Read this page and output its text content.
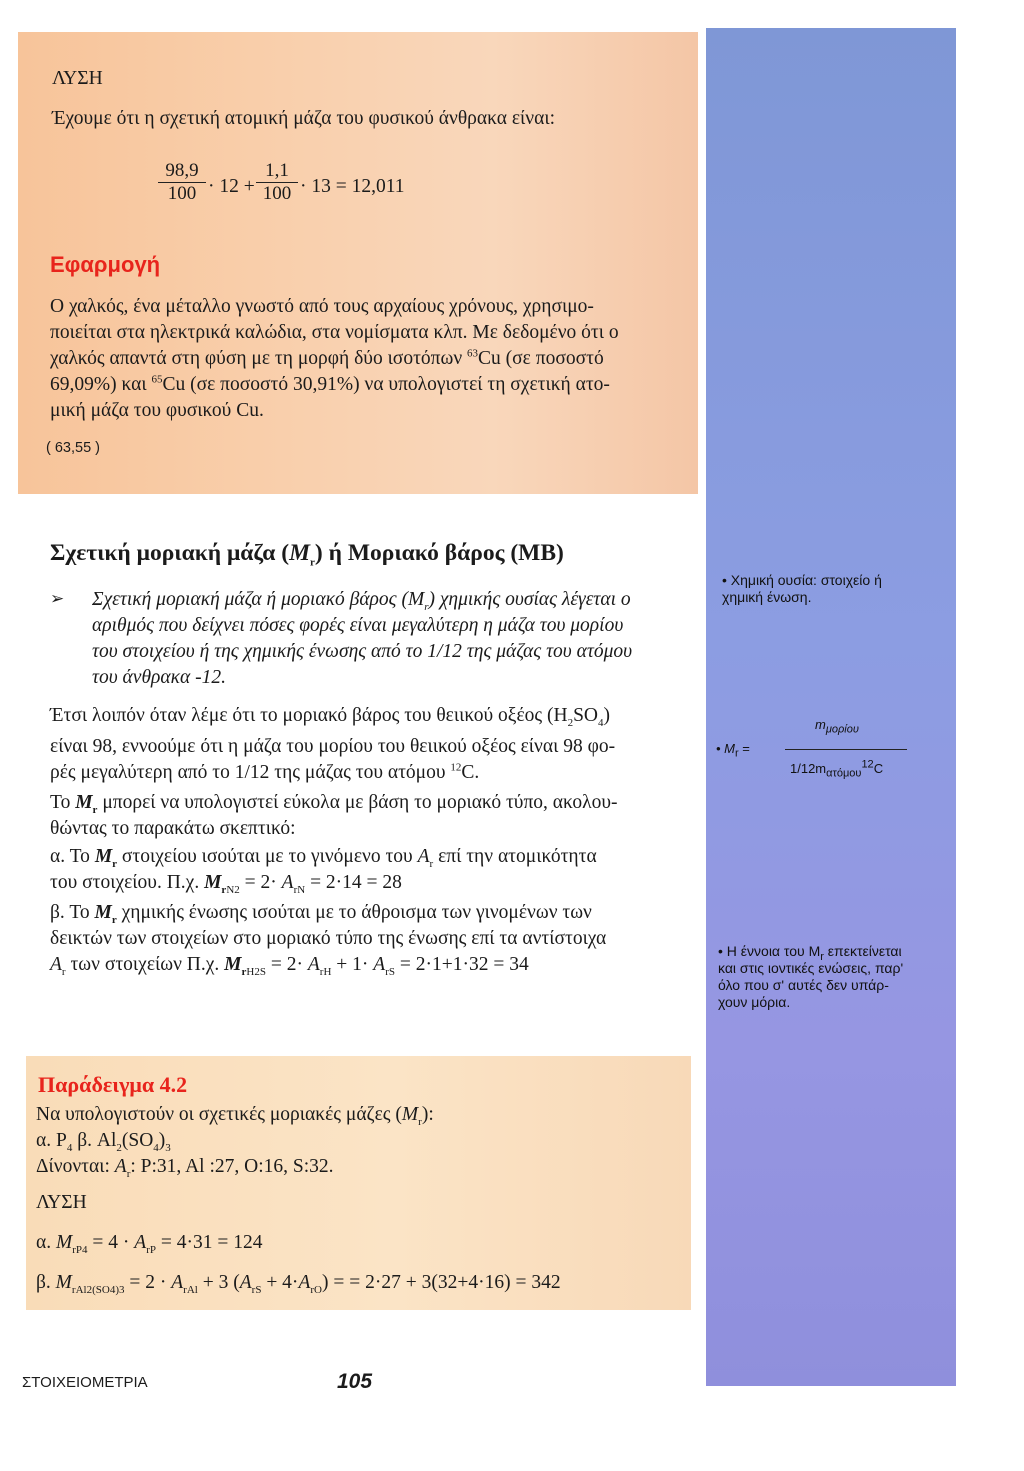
ΛΥΣΗ
Έχουμε ότι η σχετική ατομική μάζα του φυσικού άνθρακα είναι:
$\frac{98,9}{100} \cdot 12 + \frac{1,1}{100} \cdot 13 = 12,011$
Εφαρμογή
Ο χαλκός, ένα μέταλλο γνωστό από τους αρχαίους χρόνους, χρησιμο-
ποιείται στα ηλεκτρικά καλώδια, στα νομίσματα κλπ. Με δεδομένο ότι ο
χαλκός απαντά στη φύση με τη μορφή δύο ισοτόπων $^{63}$Cu (σε ποσοστό
69,09%) και $^{65}$Cu (σε ποσοστό 30,91%) να υπολογιστεί τη σχετική ατο-
μική μάζα του φυσικού Cu.
( 63,55 )
Σχετική μοριακή μάζα $(M_r)$ ή Μοριακό βάρος (ΜΒ)
➢ Σχετική μοριακή μάζα ή μοριακό βάρος $(M_r)$ χημικής ουσίας λέγεται ο
αριθμός που δείχνει πόσες φορές είναι μεγαλύτερη η μάζα του μορίου
του στοιχείου ή της χημικής ένωσης από το 1/12 της μάζας του ατόμου
του άνθρακα -12.
Έτσι λοιπόν όταν λέμε ότι το μοριακό βάρος του θειικού οξέος $(H_2SO_4)$
είναι 98, εννοούμε ότι η μάζα του μορίου του θειικού οξέος είναι 98 φο-
ρές μεγαλύτερη από το 1/12 της μάζας του ατόμου $^{12}$C.
Το $M_r$ μπορεί να υπολογιστεί εύκολα με βάση το μοριακό τύπο, ακολου-
θώντας το παρακάτω σκεπτικό:
α. Το $M_r$ στοιχείου ισούται με το γινόμενο του $A_r$ επί την ατομικότητα
του στοιχείου. Π.χ. $M_{rN2} = 2\cdot A_{rN} = 2\cdot 14 = 28$
β. Το $M_r$ χημικής ένωσης ισούται με το άθροισμα των γινομένων των
δεικτών των στοιχείων στο μοριακό τύπο της ένωσης επί τα αντίστοιχα
$A_r$ των στοιχείων Π.χ. $M_{rH2S} = 2\cdot A_{rH} + 1\cdot A_{rS} = 2\cdot 1+1\cdot 32 = 34$
Παράδειγμα 4.2
Να υπολογιστούν οι σχετικές μοριακές μάζες $(M_r)$:
α. $P_4$ β. $Al_2(SO_4)_3$
Δίνονται: $A_r$: P:31, Al :27, O:16, S:32.
ΛΥΣΗ
α. $M_{rP4} = 4 \cdot A_{rP} = 4\cdot 31 = 124$
β. $M_{rAl2(SO4)3} = 2 \cdot A_{rAl} + 3$ $(A_{rS} + 4\cdot A_{rO})$ = = 2·27 + 3(32+4·16) = 342
• Χημική ουσία: στοιχείο ή
χημική ένωση.
$m_{\mu o\rho ίo\upsilon}$
• $M_r$ =
$1/12m_{\alpha\tau ό\mu o\upsilon}^{12}C$
• Η έννοια του $M_r$ επεκτείνεται
και στις ιοντικές ενώσεις, παρ'
όλο που σ' αυτές δεν υπάρ-
χουν μόρια.
ΣΤΟΙΧΕΙΟΜΕΤΡΙΑ	105
